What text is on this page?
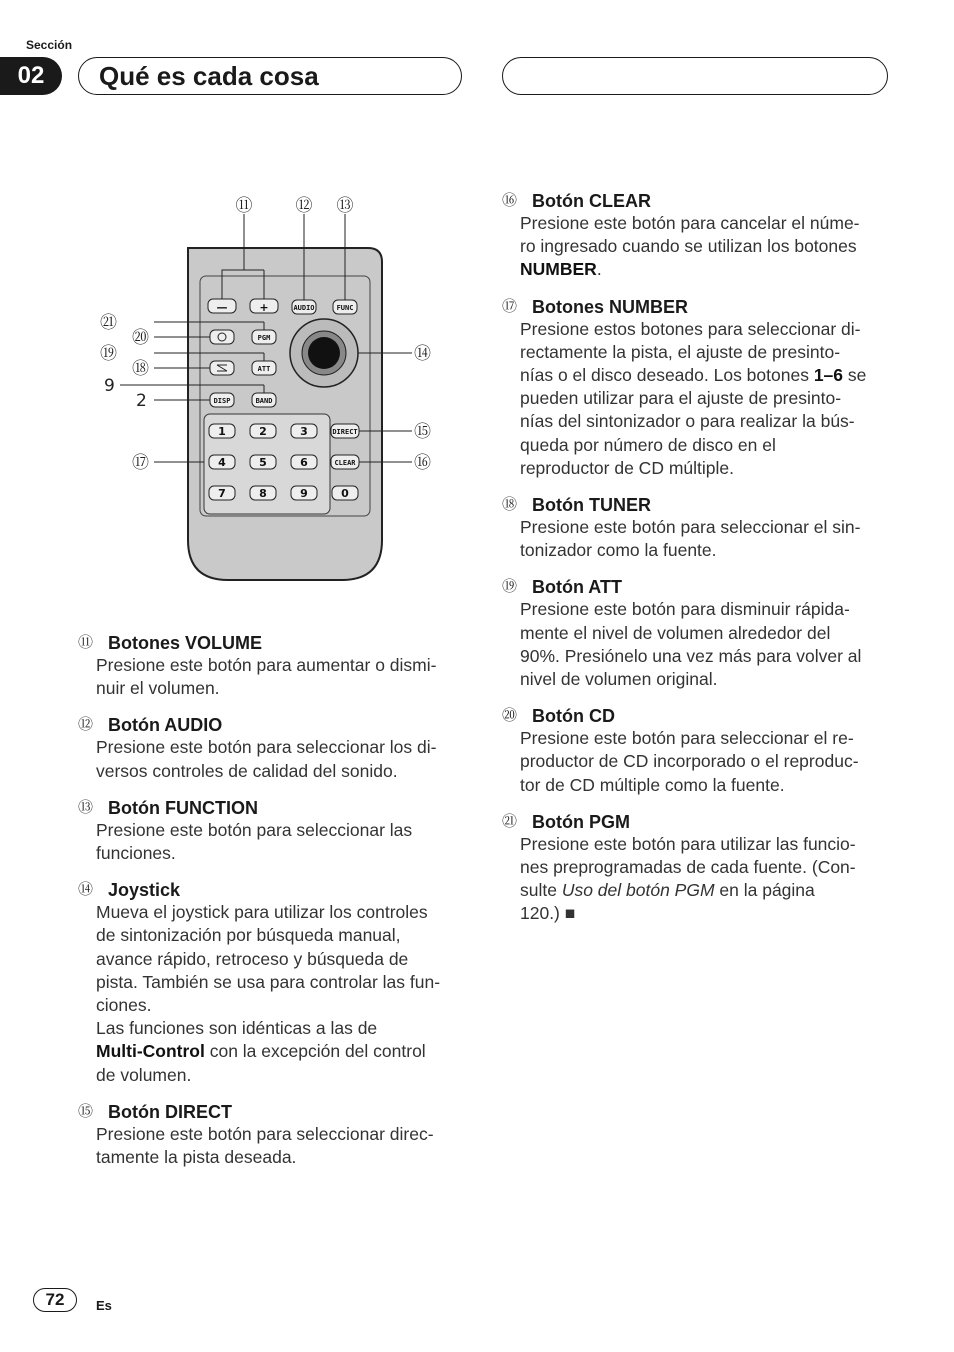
Sección
02	Qué es cada cosa
—	+	AUDIO	FUNC
PGM
ATT
DISP	BAND
DIRECT
CLEAR
1	2	3
4	5	6
7	8	9	0
⑪	⑫ ⑬
⑭
⑮
⑯
⑰
⑱
⑲
⑳
㉑
9
2
⑪ Botones VOLUME
Presione este botón para aumentar o dismi-
nuir el volumen.
⑫ Botón AUDIO
Presione este botón para seleccionar los di-
versos controles de calidad del sonido.
⑬ Botón FUNCTION
Presione este botón para seleccionar las
funciones.
⑭ Joystick
Mueva el joystick para utilizar los controles
de sintonización por búsqueda manual,
avance rápido, retroceso y búsqueda de
pista. También se usa para controlar las fun-
ciones.
Las funciones son idénticas a las de
Multi-Control con la excepción del control
de volumen.
⑮ Botón DIRECT
Presione este botón para seleccionar direc-
tamente la pista deseada.
⑯ Botón CLEAR
Presione este botón para cancelar el núme-
ro ingresado cuando se utilizan los botones
NUMBER.
⑰ Botones NUMBER
Presione estos botones para seleccionar di-
rectamente la pista, el ajuste de presinto-
nías o el disco deseado. Los botones 1–6 se
pueden utilizar para el ajuste de presinto-
nías del sintonizador o para realizar la bús-
queda por número de disco en el
reproductor de CD múltiple.
⑱ Botón TUNER
Presione este botón para seleccionar el sin-
tonizador como la fuente.
⑲ Botón ATT
Presione este botón para disminuir rápida-
mente el nivel de volumen alrededor del
90%. Presiónelo una vez más para volver al
nivel de volumen original.
⑳ Botón CD
Presione este botón para seleccionar el re-
productor de CD incorporado o el reproduc-
tor de CD múltiple como la fuente.
㉑ Botón PGM
Presione este botón para utilizar las funcio-
nes preprogramadas de cada fuente. (Con-
sulte Uso del botón PGM en la página
120.) ■
72	Es
